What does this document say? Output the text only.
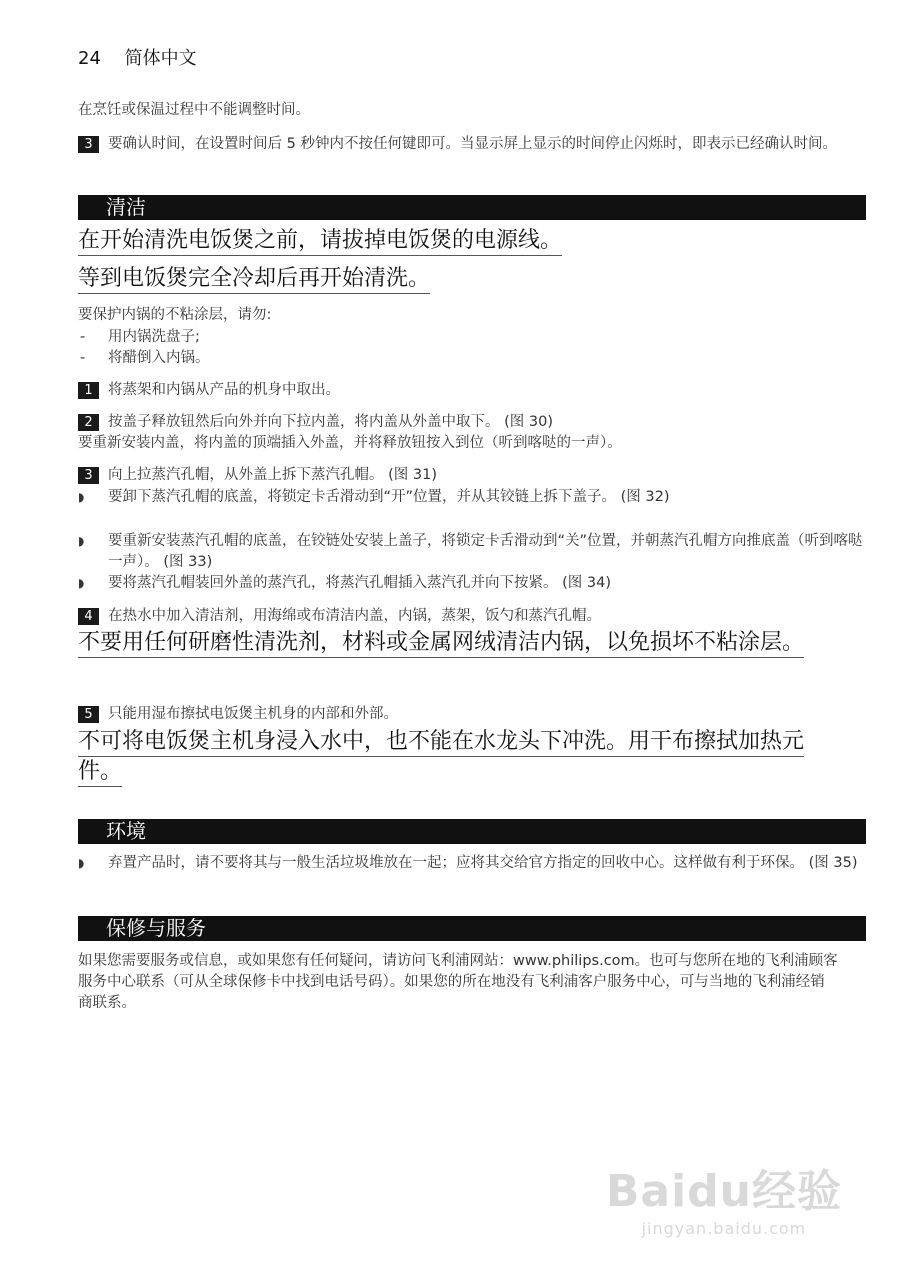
24 简体中文
在烹饪或保温过程中不能调整时间。
3	要确认时间，在设置时间后 5 秒钟内不按任何键即可。当显示屏上显示的时间停止闪烁时，即表示已经确认时间。
清洁
在开始清洗电饭煲之前，请拔掉电饭煲的电源线。
等到电饭煲完全冷却后再开始清洗。
要保护内锅的不粘涂层，请勿:
- 用内锅洗盘子;
- 将醋倒入内锅。
1	将蒸架和内锅从产品的机身中取出。
2	按盖子释放钮然后向外并向下拉内盖，将内盖从外盖中取下。 (图 30)
要重新安装内盖，将内盖的顶端插入外盖，并将释放钮按入到位（听到喀哒的一声）。
3	向上拉蒸汽孔帽，从外盖上拆下蒸汽孔帽。 (图 31)
◗ 要卸下蒸汽孔帽的底盖，将锁定卡舌滑动到“开”位置，并从其铰链上拆下盖子。 (图 32)
◗ 要重新安装蒸汽孔帽的底盖，在铰链处安装上盖子，将锁定卡舌滑动到“关”位置，并朝蒸汽孔帽方向推底盖（听到喀哒一声）。 (图 33)
◗ 要将蒸汽孔帽装回外盖的蒸汽孔，将蒸汽孔帽插入蒸汽孔并向下按紧。 (图 34)
4	在热水中加入清洁剂，用海绵或布清洁内盖，内锅，蒸架，饭勺和蒸汽孔帽。
不要用任何研磨性清洗剂，材料或金属网绒清洁内锅，以免损坏不粘涂层。
5	只能用湿布擦拭电饭煲主机身的内部和外部。
不可将电饭煲主机身浸入水中，也不能在水龙头下冲洗。用干布擦拭加热元件。
环境
◗ 弃置产品时，请不要将其与一般生活垃圾堆放在一起；应将其交给官方指定的回收中心。这样做有利于环保。 (图 35)
保修与服务
如果您需要服务或信息，或如果您有任何疑问，请访问飞利浦网站：www.philips.com。也可与您所在地的飞利浦顾客服务中心联系（可从全球保修卡中找到电话号码）。如果您的所在地没有飞利浦客户服务中心，可与当地的飞利浦经销商联系。
Baidu经验
jingyan.baidu.com
